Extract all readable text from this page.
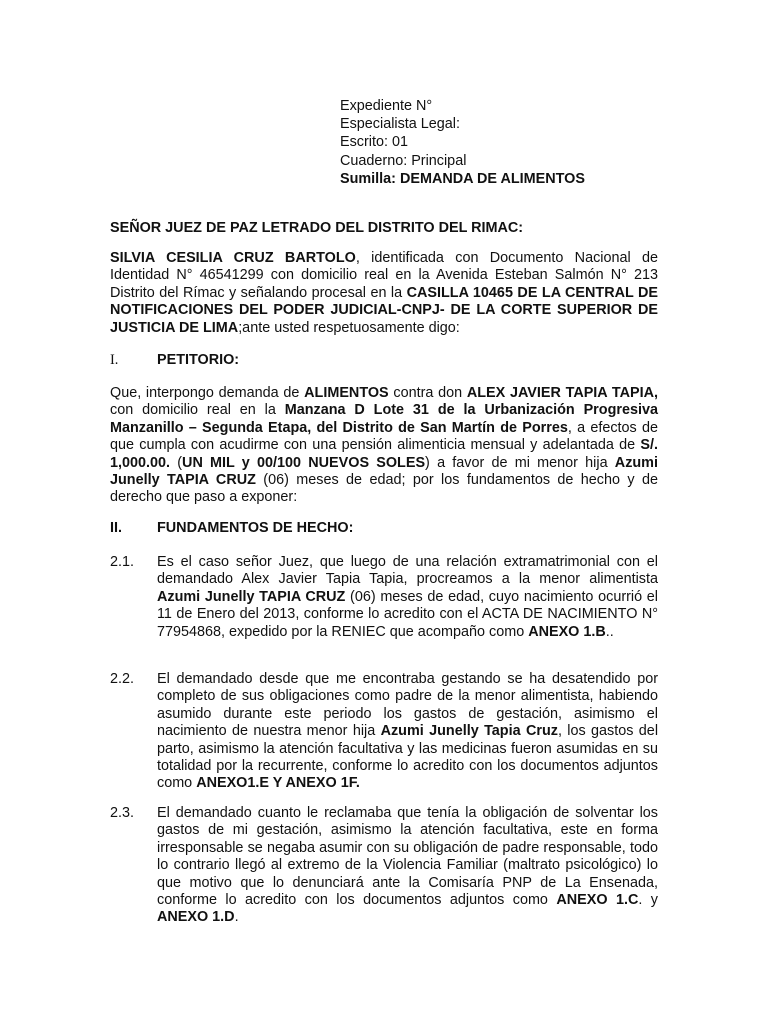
Expediente N°
Especialista Legal:
Escrito: 01
Cuaderno: Principal
Sumilla: DEMANDA DE ALIMENTOS
SEÑOR JUEZ DE PAZ LETRADO DEL DISTRITO DEL RIMAC:
SILVIA CESILIA CRUZ BARTOLO, identificada con Documento Nacional de Identidad N° 46541299 con domicilio real en la Avenida Esteban Salmón N° 213 Distrito del Rímac y señalando procesal en la CASILLA 10465 DE LA CENTRAL DE NOTIFICACIONES DEL PODER JUDICIAL-CNPJ- DE LA CORTE SUPERIOR DE JUSTICIA DE LIMA;ante usted respetuosamente digo:
I.	PETITORIO:
Que, interpongo demanda de ALIMENTOS contra don ALEX JAVIER TAPIA TAPIA, con domicilio real en la Manzana D Lote 31 de la Urbanización Progresiva Manzanillo – Segunda Etapa, del Distrito de San Martín de Porres, a efectos de que cumpla con acudirme con una pensión alimenticia mensual y adelantada de S/. 1,000.00. (UN MIL y 00/100 NUEVOS SOLES) a favor de mi menor hija Azumi Junelly TAPIA CRUZ (06) meses de edad; por los fundamentos de hecho y de derecho que paso a exponer:
II. FUNDAMENTOS DE HECHO:
2.1.	Es el caso señor Juez, que luego de una relación extramatrimonial con el demandado Alex Javier Tapia Tapia, procreamos a la menor alimentista Azumi Junelly TAPIA CRUZ (06) meses de edad, cuyo nacimiento ocurrió el 11 de Enero del 2013, conforme lo acredito con el ACTA DE NACIMIENTO N° 77954868, expedido por la RENIEC que acompaño como ANEXO 1.B..
2.2.	El demandado desde que me encontraba gestando se ha desatendido por completo de sus obligaciones como padre de la menor alimentista, habiendo asumido durante este periodo los gastos de gestación, asimismo el nacimiento de nuestra menor hija Azumi Junelly Tapia Cruz, los gastos del parto, asimismo la atención facultativa y las medicinas fueron asumidas en su totalidad por la recurrente, conforme lo acredito con los documentos adjuntos como ANEXO1.E Y ANEXO 1F.
2.3.	El demandado cuanto le reclamaba que tenía la obligación de solventar los gastos de mi gestación, asimismo la atención facultativa, este en forma irresponsable se negaba asumir con su obligación de padre responsable, todo lo contrario llegó al extremo de la Violencia Familiar (maltrato psicológico) lo que motivo que lo denunciará ante la Comisaría PNP de La Ensenada, conforme lo acredito con los documentos adjuntos como ANEXO 1.C. y ANEXO 1.D.
